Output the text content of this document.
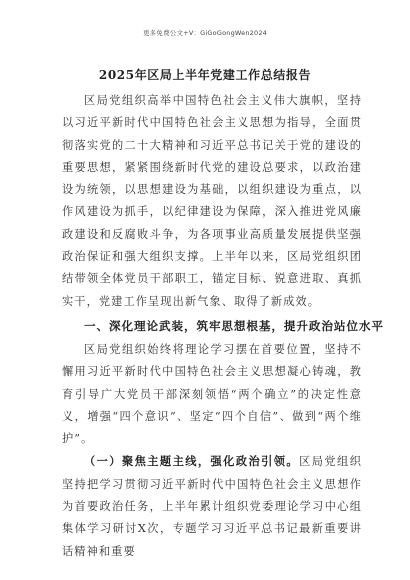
更多免费公文+V：GiGoGongWen2024
2025年区局上半年党建工作总结报告

区局党组织高举中国特色社会主义伟大旗帜，坚持以习近平新时代中国特色社会主义思想为指导，全面贯彻落实党的二十大精神和习近平总书记关于党的建设的重要思想，紧紧围绕新时代党的建设总要求，以政治建设为统领，以思想建设为基础，以组织建设为重点，以作风建设为抓手，以纪律建设为保障，深入推进党风廉政建设和反腐败斗争，为各项事业高质量发展提供坚强政治保证和强大组织支撑。上半年以来，区局党组织团结带领全体党员干部职工，锚定目标、锐意进取、真抓实干，党建工作呈现出新气象、取得了新成效。

一、深化理论武装，筑牢思想根基，提升政治站位水平

区局党组织始终将理论学习摆在首要位置，坚持不懈用习近平新时代中国特色社会主义思想凝心铸魂，教育引导广大党员干部深刻领悟“两个确立”的决定性意义，增强“四个意识”、坚定“四个自信”、做到“两个维护”。

（一）聚焦主题主线，强化政治引领。区局党组织坚持把学习贯彻习近平新时代中国特色社会主义思想作为首要政治任务，上半年累计组织党委理论学习中心组集体学习研讨X次，专题学习习近平总书记最新重要讲话精神和重要
